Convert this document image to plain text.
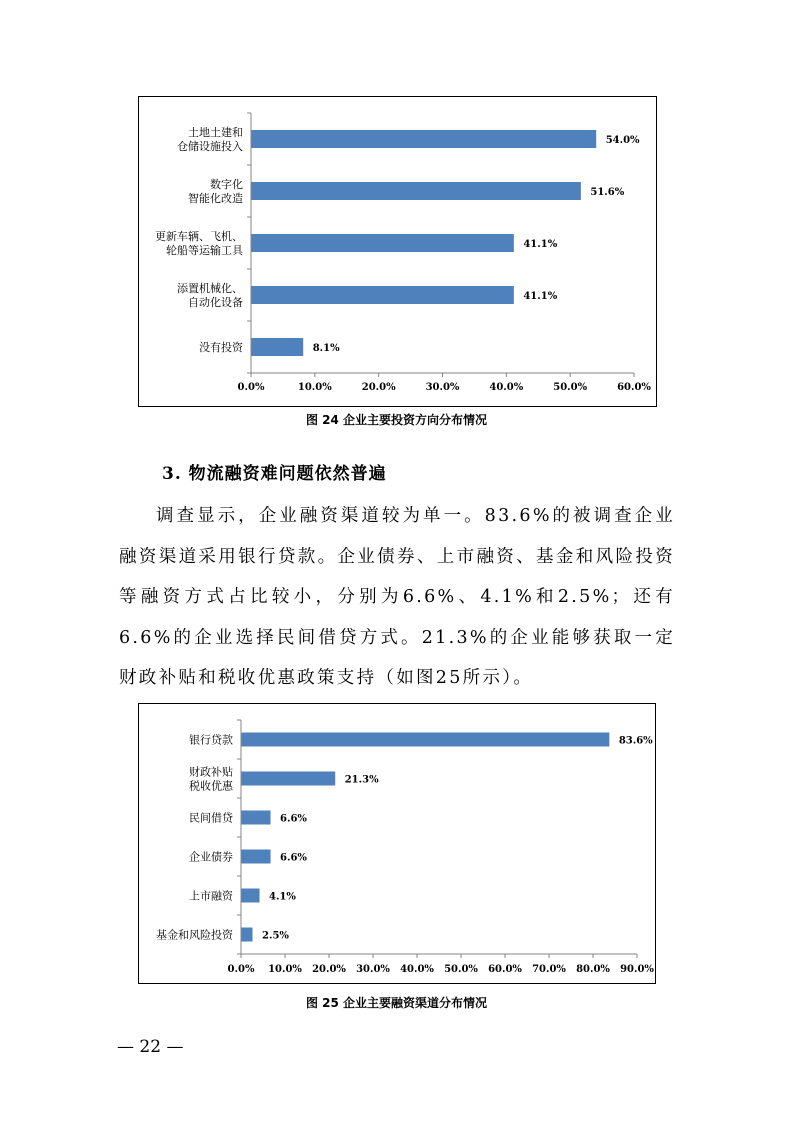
0.0%	10.0%	20.0%	30.0%	40.0%	50.0%	60.0%
54.0%
土地土建和仓储设施投入
51.6%
数字化智能化改造
41.1%
更新车辆、飞机、轮船等运输工具
41.1%
添置机械化、自动化设备
8.1%
没有投资
图 24 企业主要投资方向分布情况
3. 物流融资难问题依然普遍

调查显示，企业融资渠道较为单一。83.6%的被调查企业融资渠道采用银行贷款。企业债券、上市融资、基金和风险投资等融资方式占比较小，分别为6.6%、4.1%和2.5%；还有6.6%的企业选择民间借贷方式。21.3%的企业能够获取一定财政补贴和税收优惠政策支持（如图25所示）。

0.0% 10.0% 20.0% 30.0% 40.0% 50.0% 60.0% 70.0% 80.0% 90.0%
83.6%
银行贷款
21.3%
财政补贴税收优惠
6.6%
民间借贷
6.6%
企业债券
4.1%
上市融资
2.5%
基金和风险投资
图 25 企业主要融资渠道分布情况
— 22 —
